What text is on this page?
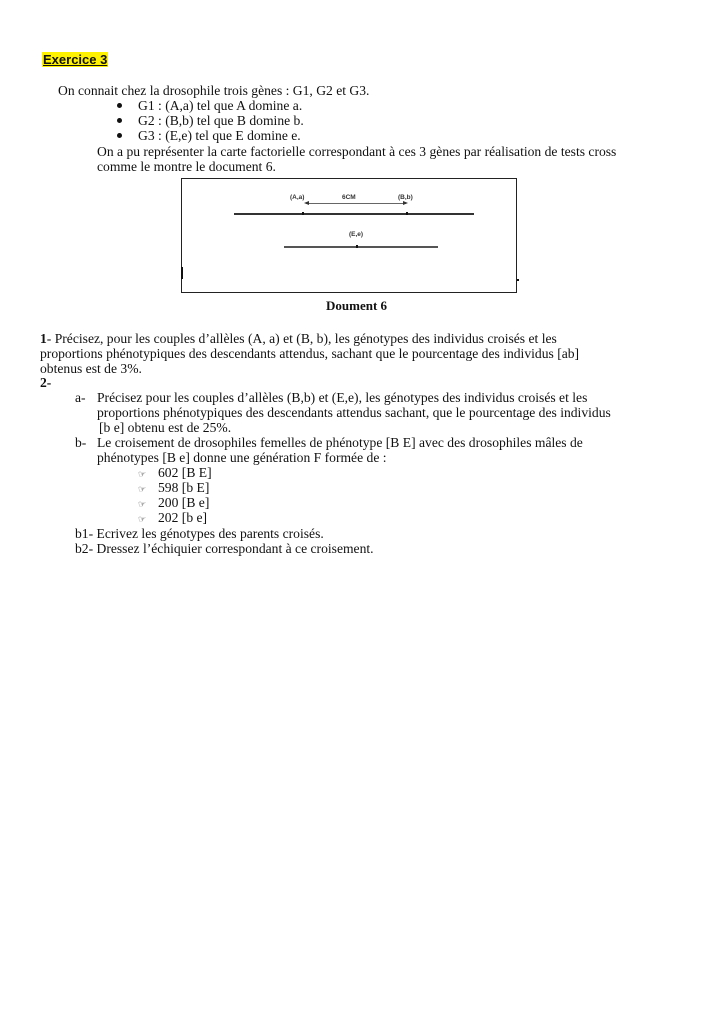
Exercice 3
On connait chez la drosophile trois gènes : G1, G2 et G3.
G1 : (A,a) tel que A domine a.
G2 : (B,b) tel que B domine b.
G3 : (E,e) tel que E domine e.
On a pu représenter la carte factorielle correspondant à ces 3 gènes par réalisation de tests cross
comme le montre le document 6.
(A,a)	6CM	(B,b)
(E,e)
Doument 6
1- Précisez, pour les couples d’allèles (A, a) et (B, b), les génotypes des individus croisés et les
proportions phénotypiques des descendants attendus, sachant que le pourcentage des individus [ab]
obtenus est de 3%.
2-
a- Précisez pour les couples d’allèles (B,b) et (E,e), les génotypes des individus croisés et les
proportions phénotypiques des descendants attendus sachant, que le pourcentage des individus
[b e] obtenu est de 25%.
b- Le croisement de drosophiles femelles de phénotype [B E] avec des drosophiles mâles de
phénotypes [B e] donne une génération F formée de :
☞ 602 [B E]
☞ 598 [b E]
☞ 200 [B e]
☞ 202 [b e]
b1- Ecrivez les génotypes des parents croisés.
b2- Dressez l’échiquier correspondant à ce croisement.
